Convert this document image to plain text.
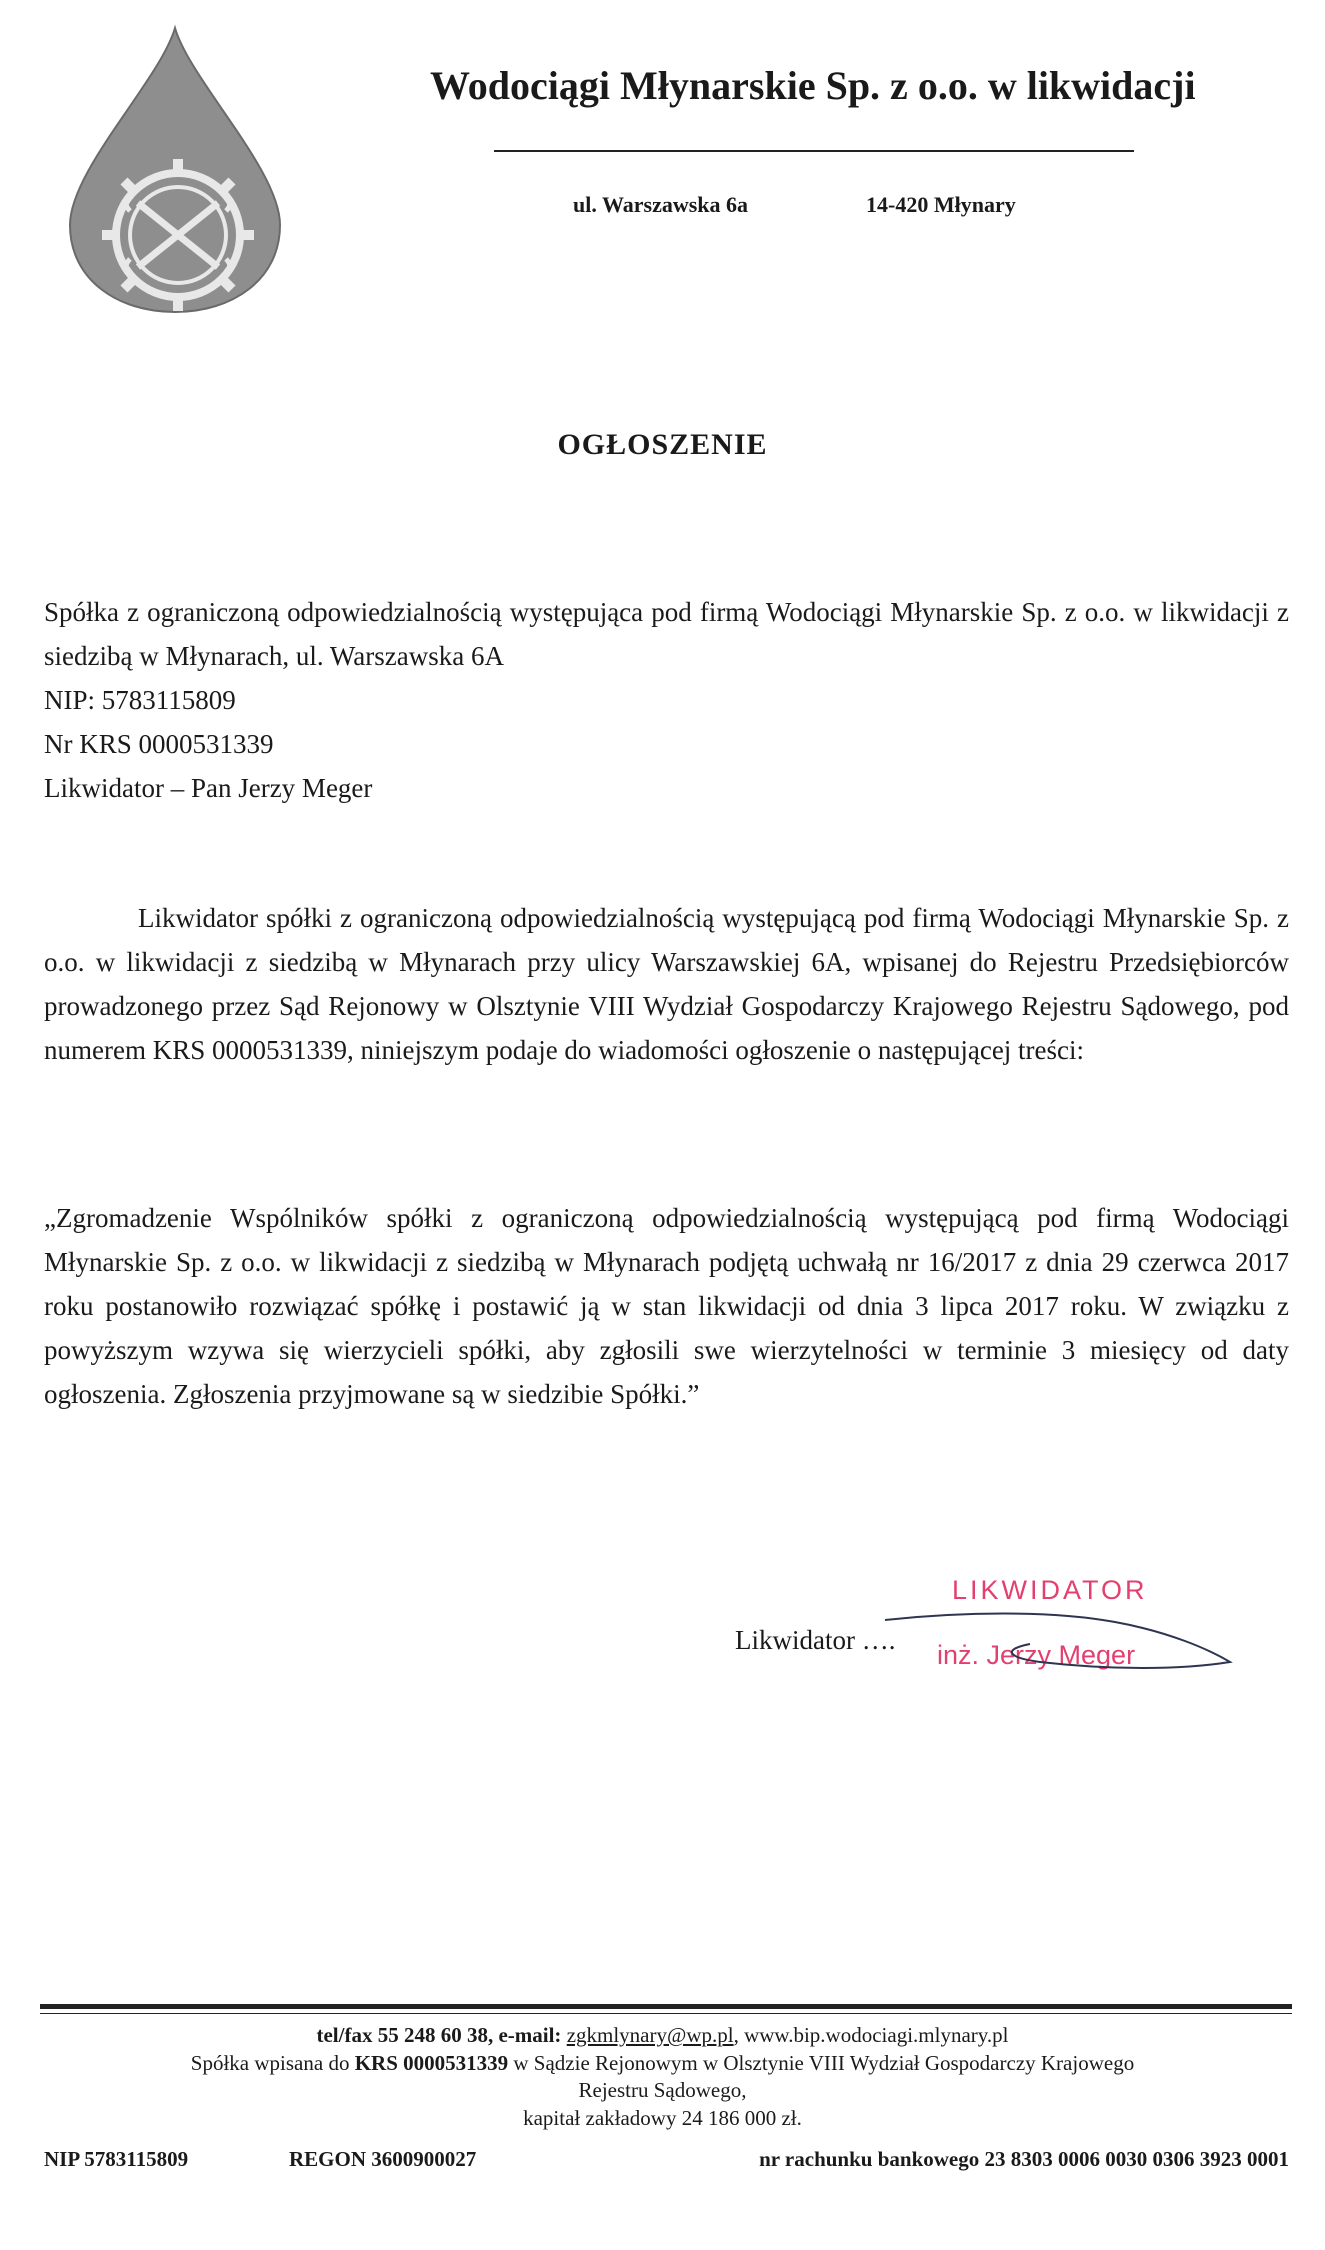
Wodociągi Młynarskie Sp. z o.o. w likwidacji
ul. Warszawska 6a	14-420 Młynary
OGŁOSZENIE
Spółka z ograniczoną odpowiedzialnością występująca pod firmą Wodociągi Młynarskie Sp. z o.o. w likwidacji z siedzibą w Młynarach, ul. Warszawska 6A
NIP: 5783115809
Nr KRS 0000531339
Likwidator – Pan Jerzy Meger
Likwidator spółki z ograniczoną odpowiedzialnością występującą pod firmą Wodociągi Młynarskie Sp. z o.o. w likwidacji z siedzibą w Młynarach przy ulicy Warszawskiej 6A, wpisanej do Rejestru Przedsiębiorców prowadzonego przez Sąd Rejonowy w Olsztynie VIII Wydział Gospodarczy Krajowego Rejestru Sądowego, pod numerem KRS 0000531339, niniejszym podaje do wiadomości ogłoszenie o następującej treści:
„Zgromadzenie Wspólników spółki z ograniczoną odpowiedzialnością występującą pod firmą Wodociągi Młynarskie Sp. z o.o. w likwidacji z siedzibą w Młynarach podjętą uchwałą nr 16/2017 z dnia 29 czerwca 2017 roku postanowiło rozwiązać spółkę i postawić ją w stan likwidacji od dnia 3 lipca 2017 roku. W związku z powyższym wzywa się wierzycieli spółki, aby zgłosili swe wierzytelności w terminie 3 miesięcy od daty ogłoszenia. Zgłoszenia przyjmowane są w siedzibie Spółki.”
LIKWIDATOR
Likwidator …. inż. Jerzy Meger
tel/fax 55 248 60 38, e-mail: zgkmlynary@wp.pl, www.bip.wodociagi.mlynary.pl
Spółka wpisana do KRS 0000531339 w Sądzie Rejonowym w Olsztynie VIII Wydział Gospodarczy Krajowego
Rejestru Sądowego,
kapitał zakładowy 24 186 000 zł.
NIP 5783115809	REGON 3600900027	nr rachunku bankowego 23 8303 0006 0030 0306 3923 0001
